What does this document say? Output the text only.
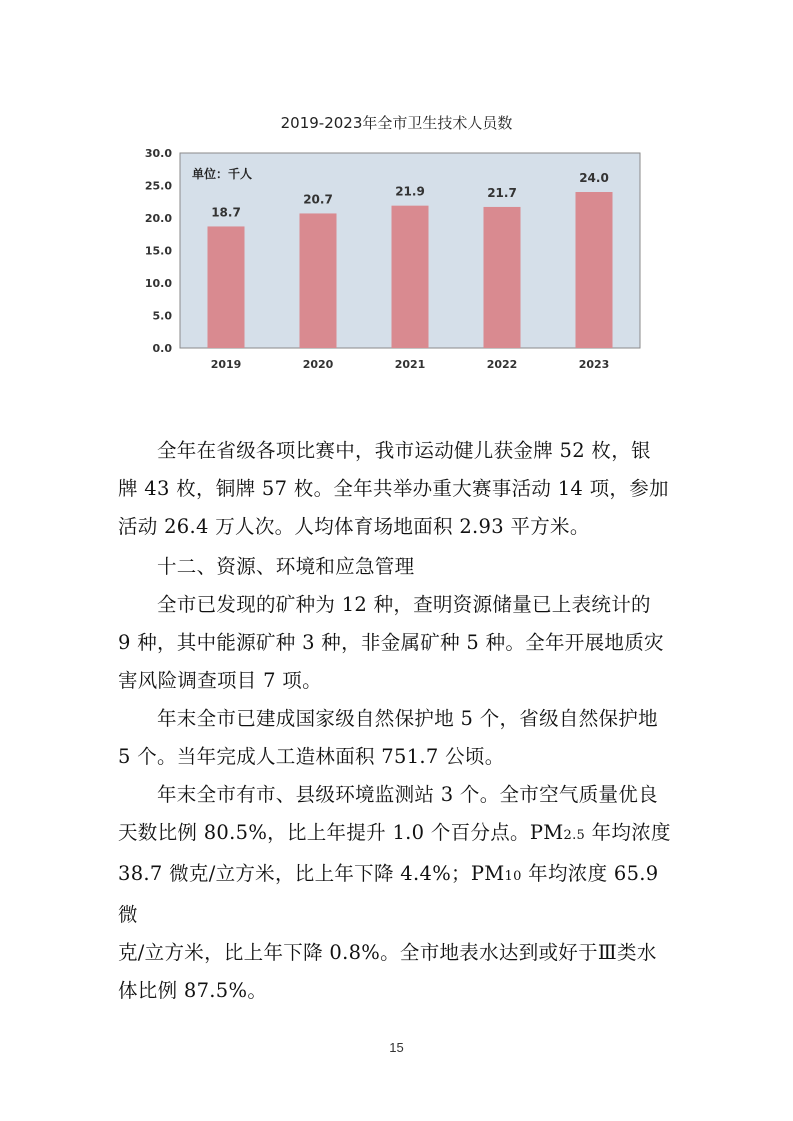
2019-2023年全市卫生技术人员数
0.0
5.0
10.0
15.0
20.0
25.0
30.0
单位：千人
18.7
2019
20.7
2020
21.9
2021
21.7
2022
24.0
2023

全年在省级各项比赛中，我市运动健儿获金牌 52 枚，银

牌 43 枚，铜牌 57 枚。全年共举办重大赛事活动 14 项，参加

活动 26.4 万人次。人均体育场地面积 2.93 平方米。

十二、资源、环境和应急管理

全市已发现的矿种为 12 种，查明资源储量已上表统计的

9 种，其中能源矿种 3 种，非金属矿种 5 种。全年开展地质灾

害风险调查项目 7 项。

年末全市已建成国家级自然保护地 5 个，省级自然保护地

5 个。当年完成人工造林面积 751.7 公顷。

年末全市有市、县级环境监测站 3 个。全市空气质量优良

天数比例 80.5%，比上年提升 1.0 个百分点。PM2.5 年均浓度

38.7 微克/立方米，比上年下降 4.4%；PM10 年均浓度 65.9 微

克/立方米，比上年下降 0.8%。全市地表水达到或好于Ⅲ类水

体比例 87.5%。

15
